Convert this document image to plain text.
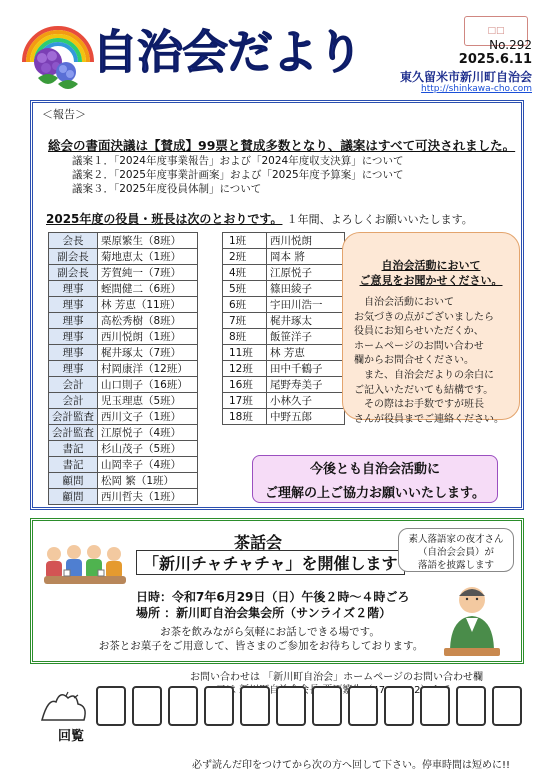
自治会だより	□□
No.292
2025.6.11
東久留米市新川町自治会
http://shinkawa-cho.com
＜報告＞
総会の書面決議は【賛成】99票と賛成多数となり、議案はすべて可決されました。
議案１．「2024年度事業報告」および「2024年度収支決算」について
議案２．「2025年度事業計画案」および「2025年度予算案」について
議案３．「2025年度役員体制」について
2025年度の役員・班長は次のとおりです。 １年間、よろしくお願いいたします。
会長	栗原繁生（8班）
副会長	菊地恵太（1班）
副会長	芳賀純一（7班）
理事	蛭間健二（6班）
理事	林 芳恵（11班）
理事	高松秀樹（8班）
理事	西川悦朗（1班）
理事	梶井琢太（7班）
理事	村岡康洋（12班）
会計	山口則子（16班）
会計	児玉理恵（5班）
会計監査	西川文子（1班）
会計監査	江原悦子（4班）
書記	杉山茂子（5班）
書記	山岡幸子（4班）
顧問	松岡 繁（1班）
顧問	西川哲夫（1班）
1班	西川悦朗
2班	岡本 將
4班	江原悦子
5班	篠田綾子
6班	宇田川浩一
7班	梶井琢太
8班	飯笹洋子
11班	林 芳恵
12班	田中千鶴子
16班	尾野寿美子
17班	小林久子
18班	中野五郎
自治会活動において
ご意見をお聞かせください。
　自治会活動において
お気づきの点がございましたら
役員にお知らせいただくか、
ホームページのお問い合わせ
欄からお問合せください。
　また、自治会だよりの余白に
ご記入いただいても結構です。
　その際はお手数ですが班長
さんが役員までご連絡ください。

今後とも自治会活動に

ご理解の上ご協力お願いいたします。

茶話会
「新川チャチャチャ」を開催します
日時：令和7年6月29日（日）午後２時〜４時ごろ
場所 ：新川町自治会集会所（サンライズ２階）
お茶を飲みながら気軽にお話しできる場です。
お茶とお菓子をご用意して、皆さまのご参加をお待ちしております。
素人落語家の夜才さん
（自治会会員）が
落語を披露します
お問い合わせは 「新川町自治会」ホームページのお問い合わせ欄
回覧
必ず読んだ印をつけてから次の方へ回して下さい。停車時間は短めに!!
